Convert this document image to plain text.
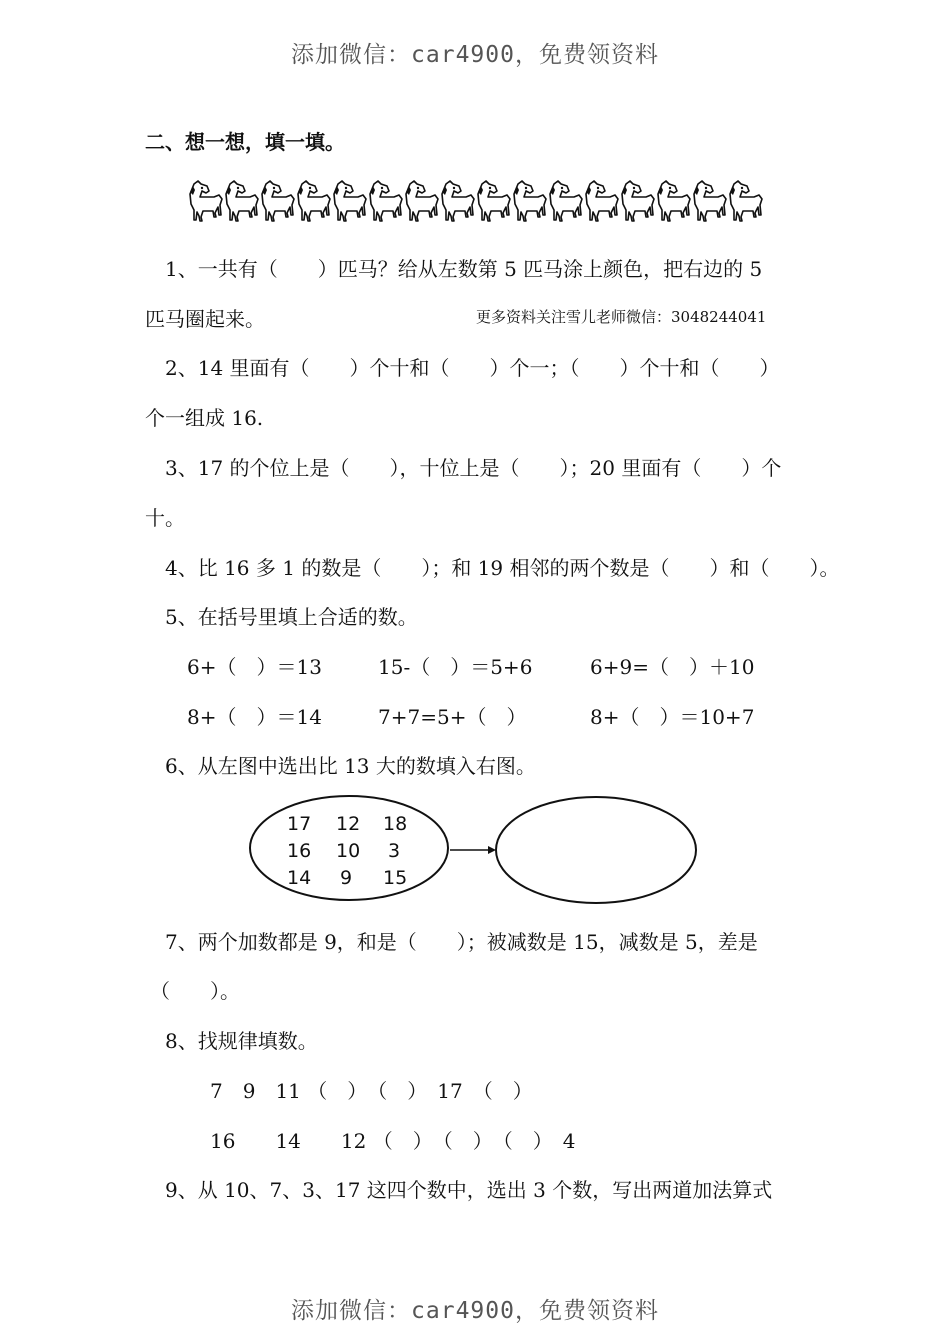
添加微信：car4900，免费领资料
二、想一想，填一填。
1、一共有（　　）匹马？给从左数第 5 匹马涂上颜色，把右边的 5
匹马圈起来。	更多资料关注雪儿老师微信：3048244041
2、14 里面有（　　）个十和（　　）个一；（　　）个十和（　　）
个一组成 16.
3、17 的个位上是（　　），十位上是（　　）；20 里面有（　　）个
十。
4、比 16 多 1 的数是（　　）；和 19 相邻的两个数是（　　）和（　　）。
5、在括号里填上合适的数。
6+（　）＝13	15-（　）＝5+6	6+9=（　）＋10
8+（　）＝14	7+7=5+（　）	8+（　）＝10+7
6、从左图中选出比 13 大的数填入右图。
17 12 18
16 10 3
14 9 15
7、两个加数都是 9，和是（　　）；被减数是 15，减数是 5，差是
（　　）。
8、找规律填数。
7　9　11 （　）　（　）　17　（　）
16　　14　　12 （　）　（　）　（　）　4
9、从 10、7、3、17 这四个数中，选出 3 个数，写出两道加法算式
添加微信：car4900，免费领资料
